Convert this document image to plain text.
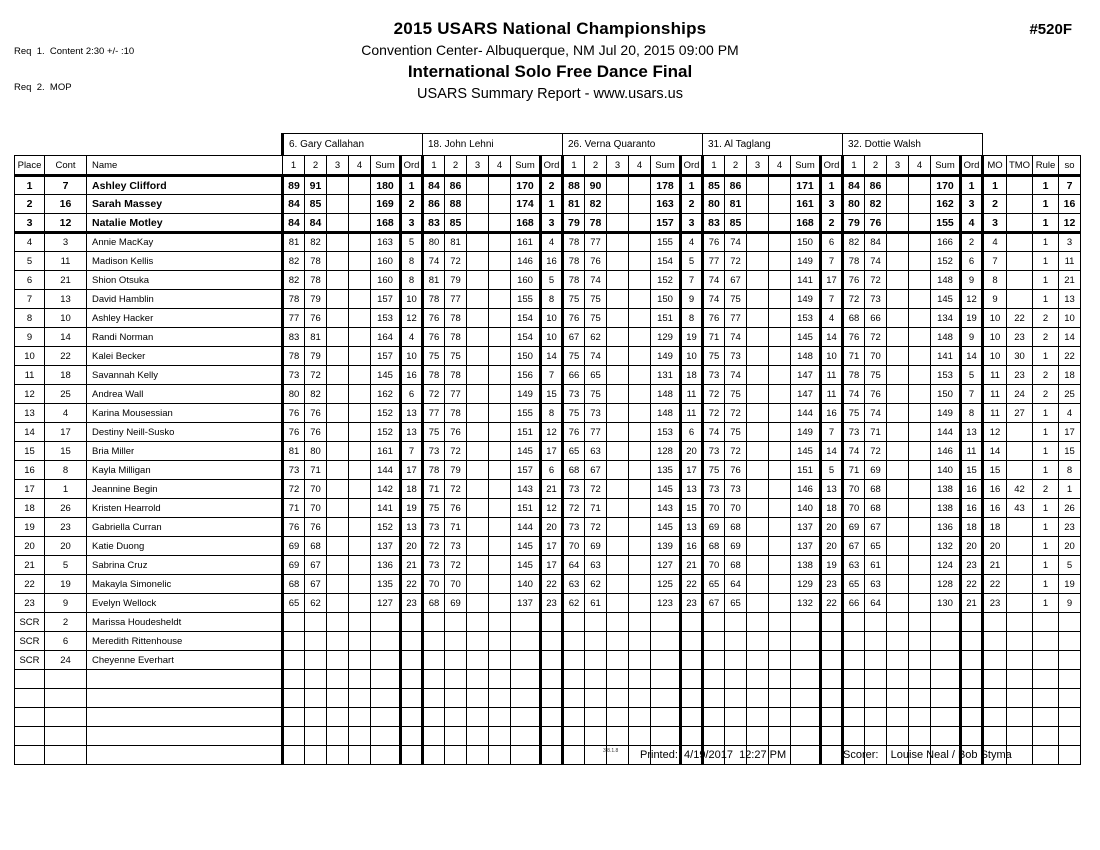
Req  1.  Content 2:30 +/- :10

Req  2.  MOP

2015 USARS National Championships
Convention Center- Albuquerque, NM Jul 20, 2015 09:00 PM
International Solo Free Dance Final
USARS Summary Report - www.usars.us
#520F
			6. Gary Callahan						18. John Lehni						26. Verna Quaranto						31. Al Taglang						32. Dottie Walsh									
Place	Cont	Name	1	2	3	4	Sum	Ord	1	2	3	4	Sum	Ord	1	2	3	4	Sum	Ord	1	2	3	4	Sum	Ord	1	2	3	4	Sum	Ord	MO	TMO	Rule	so
1	7	Ashley Clifford	89	91			180	1	84	86			170	2	88	90			178	1	85	86			171	1	84	86			170	1	1		1	7
2	16	Sarah Massey	84	85			169	2	86	88			174	1	81	82			163	2	80	81			161	3	80	82			162	3	2		1	16
3	12	Natalie Motley	84	84			168	3	83	85			168	3	79	78			157	3	83	85			168	2	79	76			155	4	3		1	12
4	3	Annie MacKay	81	82			163	5	80	81			161	4	78	77			155	4	76	74			150	6	82	84			166	2	4		1	3
5	11	Madison Kellis	82	78			160	8	74	72			146	16	78	76			154	5	77	72			149	7	78	74			152	6	7		1	11
6	21	Shion Otsuka	82	78			160	8	81	79			160	5	78	74			152	7	74	67			141	17	76	72			148	9	8		1	21
7	13	David Hamblin	78	79			157	10	78	77			155	8	75	75			150	9	74	75			149	7	72	73			145	12	9		1	13
8	10	Ashley Hacker	77	76			153	12	76	78			154	10	76	75			151	8	76	77			153	4	68	66			134	19	10	22	2	10
9	14	Randi Norman	83	81			164	4	76	78			154	10	67	62			129	19	71	74			145	14	76	72			148	9	10	23	2	14
10	22	Kalei Becker	78	79			157	10	75	75			150	14	75	74			149	10	75	73			148	10	71	70			141	14	10	30	1	22
11	18	Savannah Kelly	73	72			145	16	78	78			156	7	66	65			131	18	73	74			147	11	78	75			153	5	11	23	2	18
12	25	Andrea Wall	80	82			162	6	72	77			149	15	73	75			148	11	72	75			147	11	74	76			150	7	11	24	2	25
13	4	Karina Mousessian	76	76			152	13	77	78			155	8	75	73			148	11	72	72			144	16	75	74			149	8	11	27	1	4
14	17	Destiny Neill-Susko	76	76			152	13	75	76			151	12	76	77			153	6	74	75			149	7	73	71			144	13	12		1	17
15	15	Bria Miller	81	80			161	7	73	72			145	17	65	63			128	20	73	72			145	14	74	72			146	11	14		1	15
16	8	Kayla Milligan	73	71			144	17	78	79			157	6	68	67			135	17	75	76			151	5	71	69			140	15	15		1	8
17	1	Jeannine Begin	72	70			142	18	71	72			143	21	73	72			145	13	73	73			146	13	70	68			138	16	16	42	2	1
18	26	Kristen Hearrold	71	70			141	19	75	76			151	12	72	71			143	15	70	70			140	18	70	68			138	16	16	43	1	26
19	23	Gabriella Curran	76	76			152	13	73	71			144	20	73	72			145	13	69	68			137	20	69	67			136	18	18		1	23
20	20	Katie Duong	69	68			137	20	72	73			145	17	70	69			139	16	68	69			137	20	67	65			132	20	20		1	20
21	5	Sabrina Cruz	69	67			136	21	73	72			145	17	64	63			127	21	70	68			138	19	63	61			124	23	21		1	5
22	19	Makayla Simonelic	68	67			135	22	70	70			140	22	63	62			125	22	65	64			129	23	65	63			128	22	22		1	19
23	9	Evelyn Wellock	65	62			127	23	68	69			137	23	62	61			123	23	67	65			132	22	66	64			130	21	23		1	9
SCR	2	Marissa Houdesheldt																																		
SCR	6	Meredith Rittenhouse																																		
SCR	24	Cheyenne Everhart																																		

3.8.1.8 Printed:  4/19/2017  12:27 PM	Scorer:    Louise Neal / Bob Styma
